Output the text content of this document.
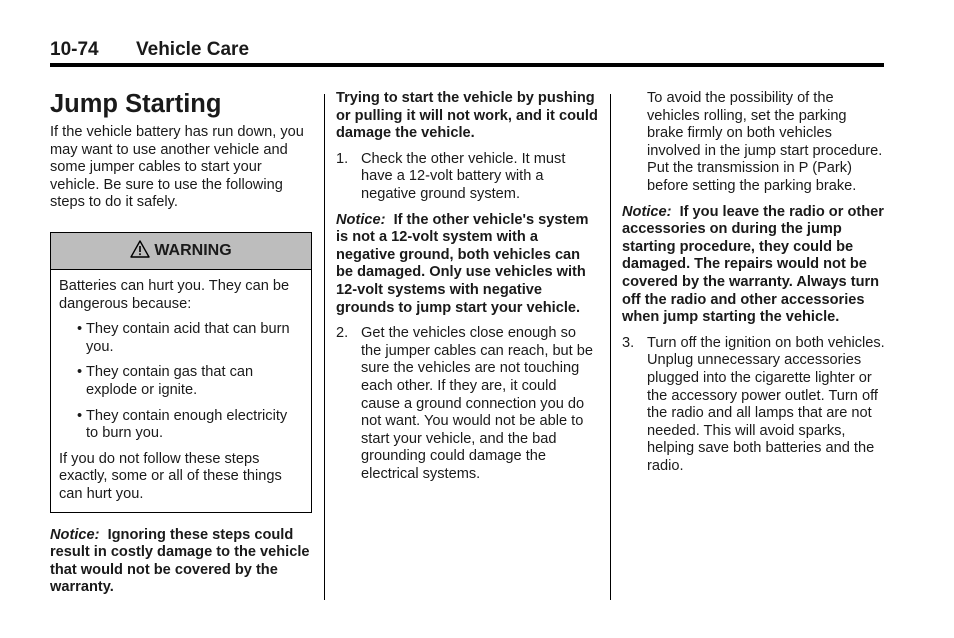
10-74 Vehicle Care
Jump Starting

If the vehicle battery has run down, you may want to use another vehicle and some jumper cables to start your vehicle. Be sure to use the following steps to do it safely.

WARNING

Batteries can hurt you. They can be dangerous because:

• They contain acid that can burn you.
• They contain gas that can explode or ignite.
• They contain enough electricity to burn you.

If you do not follow these steps exactly, some or all of these things can hurt you.

Notice: Ignoring these steps could result in costly damage to the vehicle that would not be covered by the warranty.

Trying to start the vehicle by pushing or pulling it will not work, and it could damage the vehicle.

1. Check the other vehicle. It must have a 12-volt battery with a negative ground system.

Notice: If the other vehicle's system is not a 12-volt system with a negative ground, both vehicles can be damaged. Only use vehicles with 12-volt systems with negative grounds to jump start your vehicle.

2. Get the vehicles close enough so the jumper cables can reach, but be sure the vehicles are not touching each other. If they are, it could cause a ground connection you do not want. You would not be able to start your vehicle, and the bad grounding could damage the electrical systems.

To avoid the possibility of the vehicles rolling, set the parking brake firmly on both vehicles involved in the jump start procedure. Put the transmission in P (Park) before setting the parking brake.

Notice: If you leave the radio or other accessories on during the jump starting procedure, they could be damaged. The repairs would not be covered by the warranty. Always turn off the radio and other accessories when jump starting the vehicle.

3. Turn off the ignition on both vehicles. Unplug unnecessary accessories plugged into the cigarette lighter or the accessory power outlet. Turn off the radio and all lamps that are not needed. This will avoid sparks, helping save both batteries and the radio.
